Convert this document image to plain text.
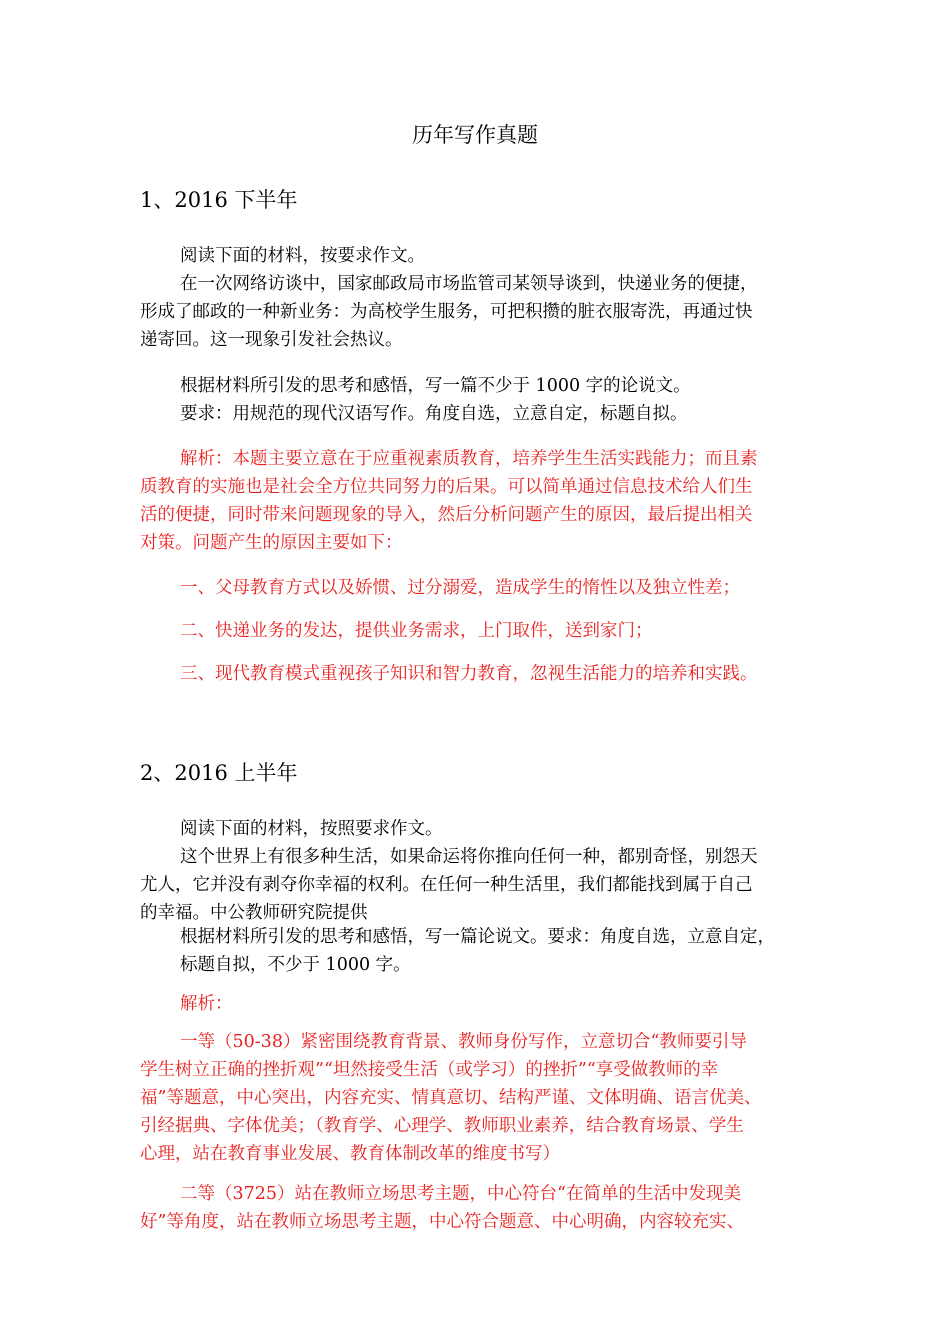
历年写作真题
1、2016 下半年
阅读下面的材料，按要求作文。
在一次网络访谈中，国家邮政局市场监管司某领导谈到，快递业务的便捷，
形成了邮政的一种新业务：为高校学生服务，可把积攒的脏衣服寄洗，再通过快
递寄回。这一现象引发社会热议。
根据材料所引发的思考和感悟，写一篇不少于 1000 字的论说文。
要求：用规范的现代汉语写作。角度自选，立意自定，标题自拟。
解析：本题主要立意在于应重视素质教育，培养学生生活实践能力；而且素
质教育的实施也是社会全方位共同努力的后果。可以简单通过信息技术给人们生
活的便捷，同时带来问题现象的导入，然后分析问题产生的原因，最后提出相关
对策。问题产生的原因主要如下：
一、父母教育方式以及娇惯、过分溺爱，造成学生的惰性以及独立性差；
二、快递业务的发达，提供业务需求，上门取件，送到家门；
三、现代教育模式重视孩子知识和智力教育，忽视生活能力的培养和实践。
2、2016 上半年
阅读下面的材料，按照要求作文。
这个世界上有很多种生活，如果命运将你推向任何一种，都别奇怪，别怨天
尤人，它并没有剥夺你幸福的权利。在任何一种生活里，我们都能找到属于自己
的幸福。中公教师研究院提供
根据材料所引发的思考和感悟，写一篇论说文。要求：角度自选，立意自定，
标题自拟，不少于 1000 字。
解析：
一等（50-38）紧密围绕教育背景、教师身份写作，立意切合“教师要引导
学生树立正确的挫折观”“坦然接受生活（或学习）的挫折”“享受做教师的幸
福”等题意，中心突出，内容充实、情真意切、结构严谨、文体明确、语言优美、
引经据典、字体优美；（教育学、心理学、教师职业素养，结合教育场景、学生
心理，站在教育事业发展、教育体制改革的维度书写）
二等（3725）站在教师立场思考主题，中心符台“在简单的生活中发现美
好”等角度，站在教师立场思考主题，中心符合题意、中心明确，内容较充实、
